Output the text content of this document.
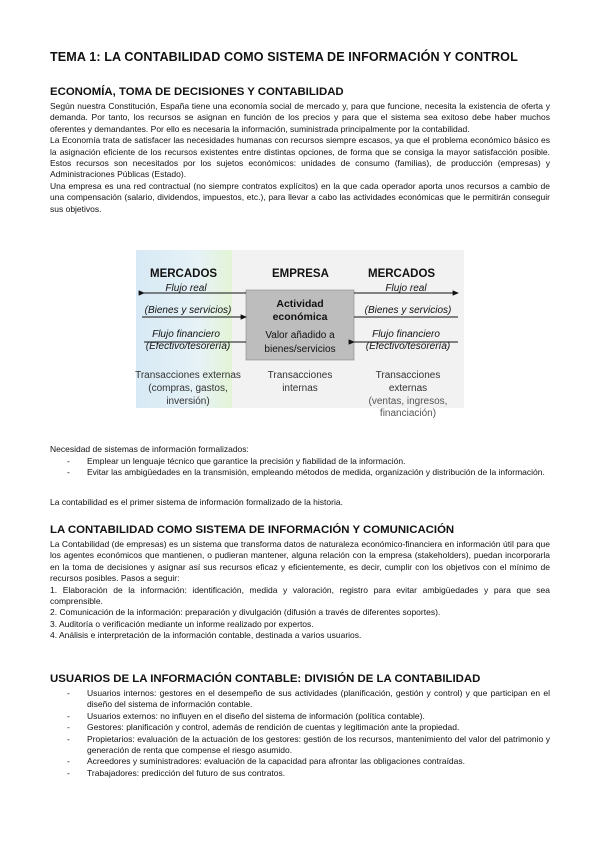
TEMA 1: LA CONTABILIDAD COMO SISTEMA DE INFORMACIÓN Y CONTROL
ECONOMÍA, TOMA DE DECISIONES Y CONTABILIDAD

Según nuestra Constitución, España tiene una economía social de mercado y, para que funcione, necesita la existencia de oferta y demanda. Por tanto, los recursos se asignan en función de los precios y para que el sistema sea exitoso debe haber muchos oferentes y demandantes. Por ello es necesaria la información, suministrada principalmente por la contabilidad.

La Economía trata de satisfacer las necesidades humanas con recursos siempre escasos, ya que el problema económico básico es la asignación eficiente de los recursos existentes entre distintas opciones, de forma que se consiga la mayor satisfacción posible. Estos recursos son necesitados por los sujetos económicos: unidades de consumo (familias), de producción (empresas) y Administraciones Públicas (Estado).

Una empresa es una red contractual (no siempre contratos explícitos) en la que cada operador aporta unos recursos a cambio de una compensación (salario, dividendos, impuestos, etc.), para llevar a cabo las actividades económicas que le permitirán conseguir sus objetivos.

MERCADOS	EMPRESA	MERCADOS
Flujo real
(Bienes y servicios)
Flujo financiero
(Efectivo/tesorería)
Flujo real
(Bienes y servicios)
Flujo financiero
(Efectivo/tesorería)
Actividad
económica
Valor añadido a
bienes/servicios
Transacciones externas
(compras, gastos,
inversión)
Transacciones
internas
Transacciones
externas
(ventas, ingresos,
financiación)
Necesidad de sistemas de información formalizados:
- Emplear un lenguaje técnico que garantice la precisión y fiabilidad de la información.
- Evitar las ambigüedades en la transmisión, empleando métodos de medida, organización y distribución de la información.
La contabilidad es el primer sistema de información formalizado de la historia.
LA CONTABILIDAD COMO SISTEMA DE INFORMACIÓN Y COMUNICACIÓN

La Contabilidad (de empresas) es un sistema que transforma datos de naturaleza económico-financiera en información útil para que los agentes económicos que mantienen, o pudieran mantener, alguna relación con la empresa (stakeholders), puedan incorporarla en la toma de decisiones y asignar así sus recursos eficaz y eficientemente, es decir, cumplir con los objetivos con el mínimo de recursos posibles. Pasos a seguir:

1. Elaboración de la información: identificación, medida y valoración, registro para evitar ambigüedades y para que sea comprensible.

2. Comunicación de la información: preparación y divulgación (difusión a través de diferentes soportes).

3. Auditoría o verificación mediante un informe realizado por expertos.

4. Análisis e interpretación de la información contable, destinada a varios usuarios.

USUARIOS DE LA INFORMACIÓN CONTABLE: DIVISIÓN DE LA CONTABILIDAD
- Usuarios internos: gestores en el desempeño de sus actividades (planificación, gestión y control) y que participan en el diseño del sistema de información contable.
- Usuarios externos: no influyen en el diseño del sistema de información (política contable).
- Gestores: planificación y control, además de rendición de cuentas y legitimación ante la propiedad.
- Propietarios: evaluación de la actuación de los gestores: gestión de los recursos, mantenimiento del valor del patrimonio y generación de renta que compense el riesgo asumido.
- Acreedores y suministradores: evaluación de la capacidad para afrontar las obligaciones contraídas.
- Trabajadores: predicción del futuro de sus contratos.
